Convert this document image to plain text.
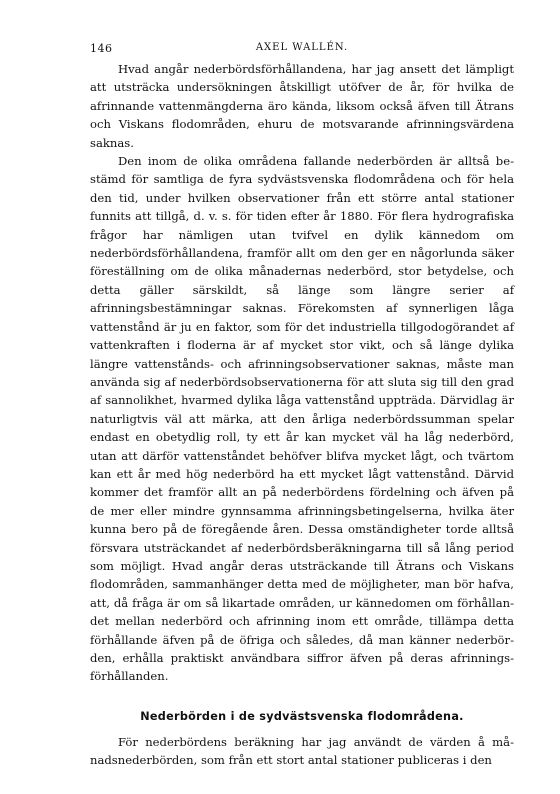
146	AXEL WALLÉN.

Hvad angår nederbördsförhållandena, har jag ansett det lämpligt att utsträcka undersökningen åtskilligt utöfver de år, för hvilka de afrinnande vattenmängderna äro kända, liksom också äfven till Ätrans och Viskans flodområden, ehuru de motsvarande afrinningsvärdena saknas.

Den inom de olika områdena fallande nederbörden är alltså bestämd för samtliga de fyra sydvästsvenska flodområdena och för hela den tid, under hvilken observationer från ett större antal stationer funnits att tillgå, d. v. s. för tiden efter år 1880. För flera hydrografiska frågor har nämligen utan tvifvel en dylik kännedom om nederbördsförhållandena, framför allt om den ger en någorlunda säker föreställning om de olika månadernas nederbörd, stor betydelse, och detta gäller särskildt, så länge som längre serier af afrinningsbestämningar saknas. Förekomsten af synnerligen låga vattenstånd är ju en faktor, som för det industriella tillgodogörandet af vattenkraften i floderna är af mycket stor vikt, och så länge dylika längre vattenstånds- och afrinningsobservationer saknas, måste man använda sig af nederbördsobservationerna för att sluta sig till den grad af sannolikhet, hvarmed dylika låga vattenstånd uppträda. Därvidlag är naturligtvis väl att märka, att den årliga nederbördssumman spelar endast en obetydlig roll, ty ett år kan mycket väl ha låg nederbörd, utan att därför vattenståndet behöfver blifva mycket lågt, och tvärtom kan ett år med hög nederbörd ha ett mycket lågt vattenstånd. Därvid kommer det framför allt an på nederbördens fördelning och äfven på de mer eller mindre gynnsamma afrinningsbetingelserna, hvilka äter kunna bero på de föregående åren. Dessa omständigheter torde alltså försvara utsträckandet af nederbördsberäkningarna till så lång period som möjligt. Hvad angår deras utsträckande till Ätrans och Viskans flodområden, sammanhänger detta med de möjligheter, man bör hafva, att, då fråga är om så likartade områden, ur kännedomen om förhållandet mellan nederbörd och afrinning inom ett område, tillämpa detta förhållande äfven på de öfriga och således, då man känner nederbörden, erhålla praktiskt användbara siffror äfven på deras afrinningsförhållanden.

Nederbörden i de sydvästsvenska flodområdena.

För nederbördens beräkning har jag användt de värden å månadsnederbörden, som från ett stort antal stationer publiceras i den
